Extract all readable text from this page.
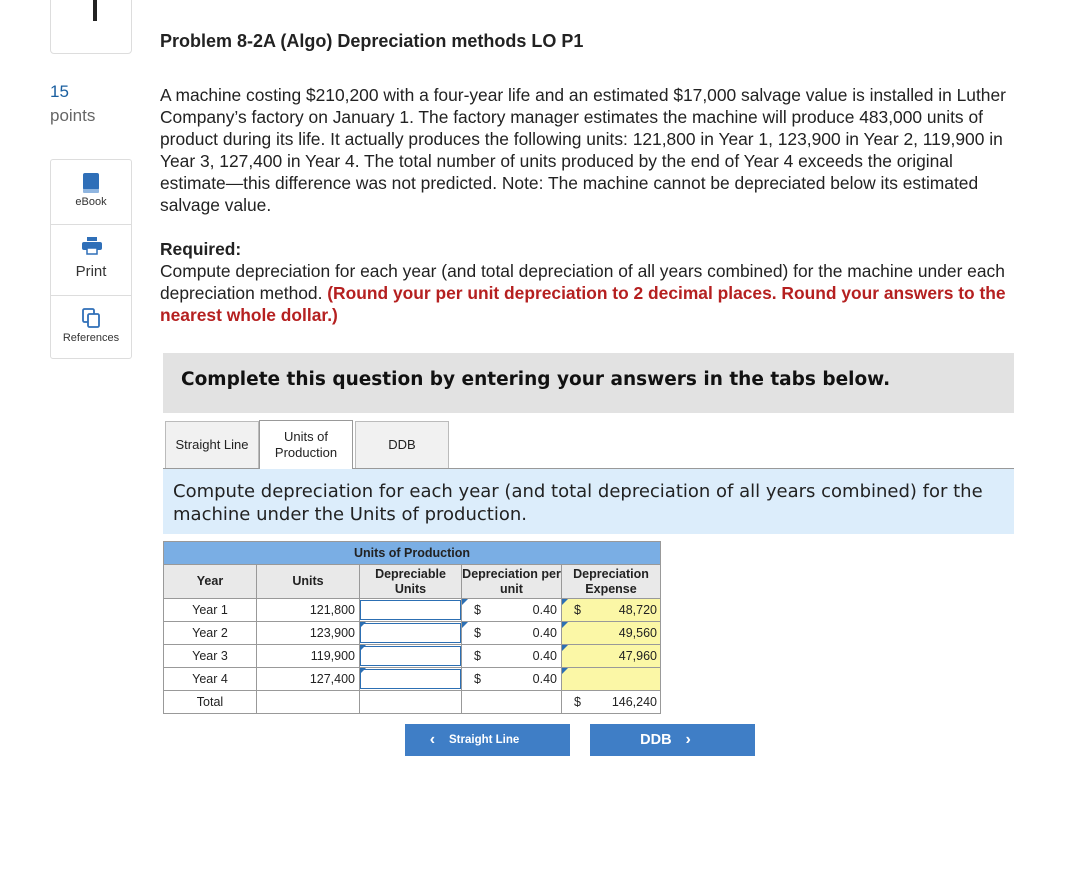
15
points
eBook
Print
References
Problem 8-2A (Algo) Depreciation methods LO P1
A machine costing $210,200 with a four-year life and an estimated $17,000 salvage value is installed in Luther Company’s factory on January 1. The factory manager estimates the machine will produce 483,000 units of product during its life. It actually produces the following units: 121,800 in Year 1, 123,900 in Year 2, 119,900 in Year 3, 127,400 in Year 4. The total number of units produced by the end of Year 4 exceeds the original estimate—this difference was not predicted. Note: The machine cannot be depreciated below its estimated salvage value.
Required:
Compute depreciation for each year (and total depreciation of all years combined) for the machine under each depreciation method. (Round your per unit depreciation to 2 decimal places. Round your answers to the nearest whole dollar.)
Complete this question by entering your answers in the tabs below.
Straight Line
Units of Production
DDB
Compute depreciation for each year (and total depreciation of all years combined) for the machine under the Units of production.

Units of Production				
Year	Units	Depreciable Units	Depreciation per unit	Depreciation Expense
Year 1	121,800		$ 0.40	$ 48,720

Year 2	123,900		$ 0.40	49,560

Year 3	119,900		$ 0.40	47,960

Year 4	127,400		$ 0.40	

Total				$ 146,240
‹ Straight Line	DDB ›
